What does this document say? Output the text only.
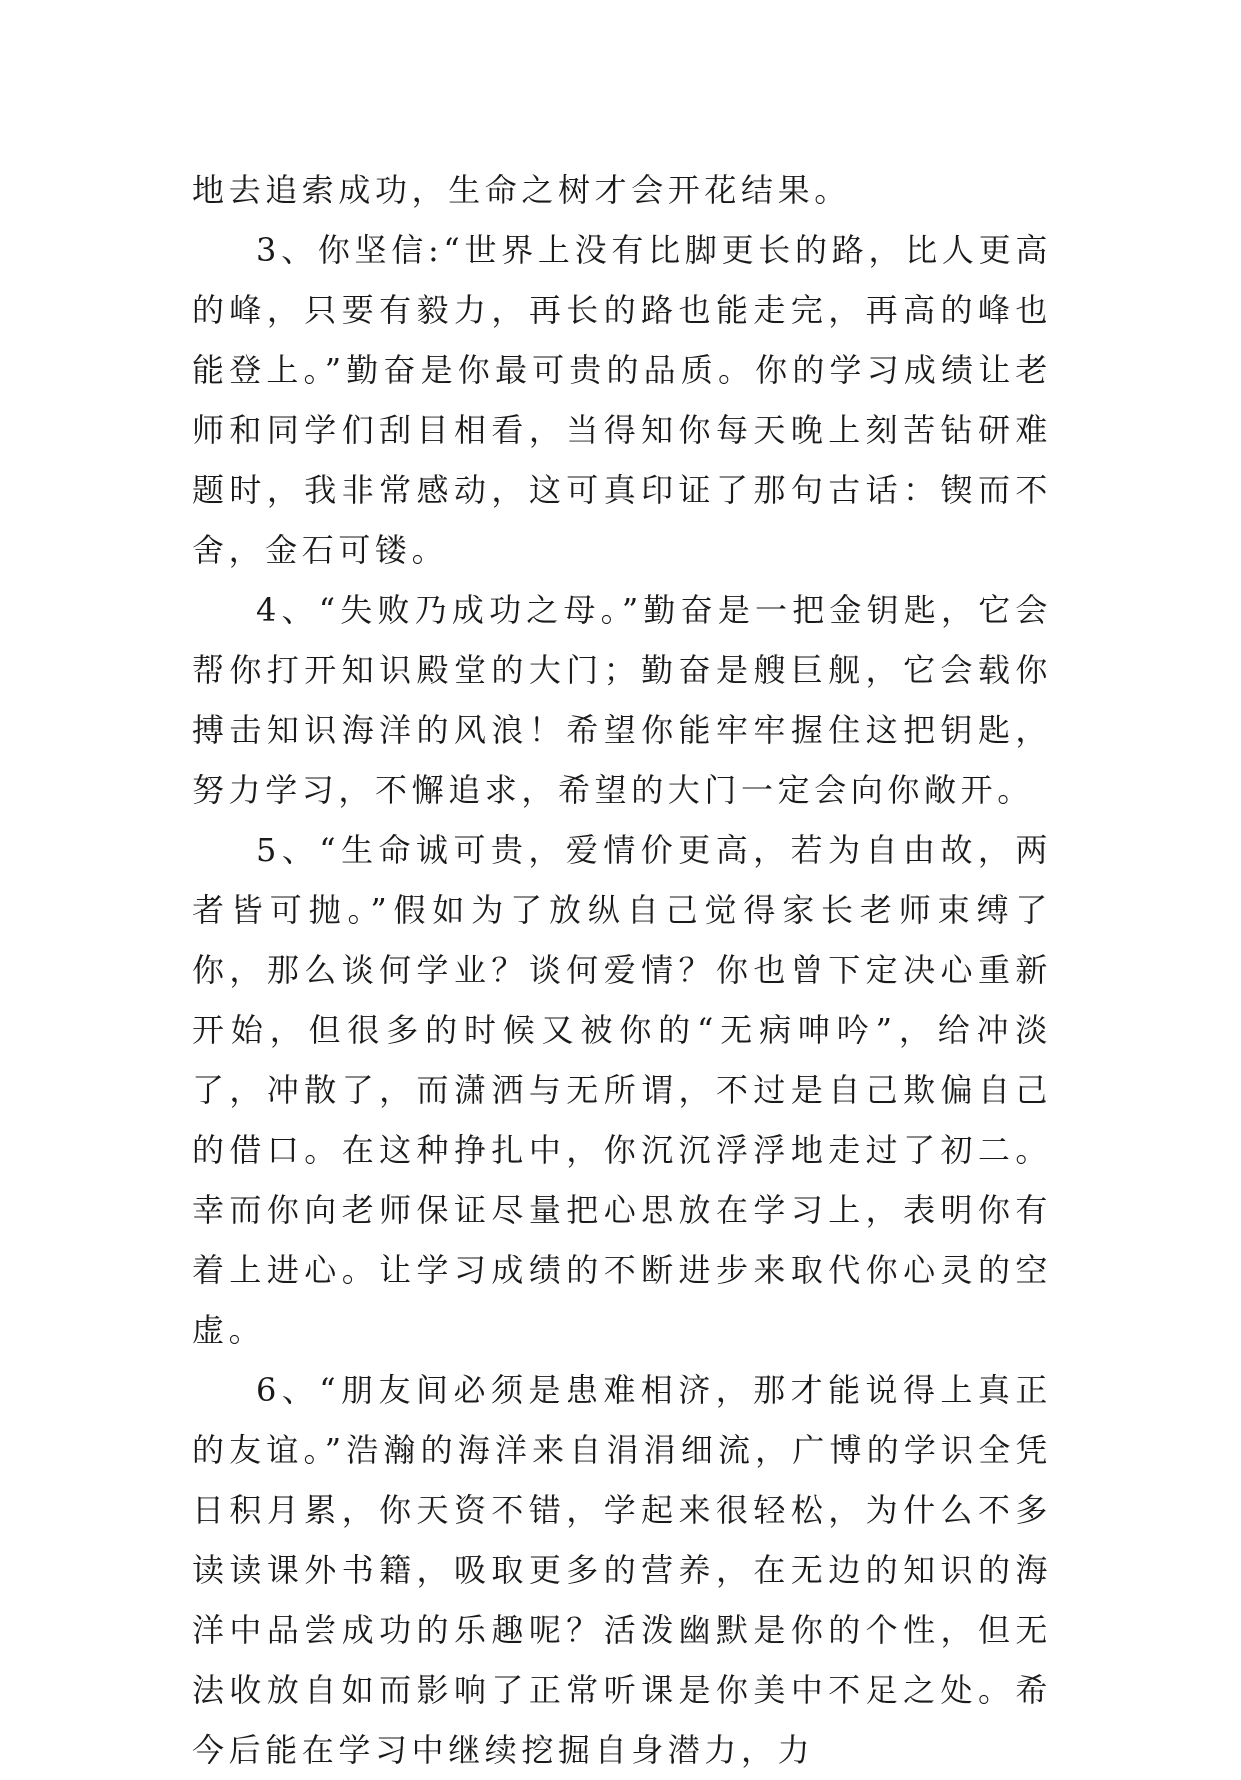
地去追索成功，生命之树才会开花结果。

3、你坚信:“世界上没有比脚更长的路，比人更高的峰，只要有毅力，再长的路也能走完，再高的峰也能登上。”勤奋是你最可贵的品质。你的学习成绩让老师和同学们刮目相看，当得知你每天晚上刻苦钻研难题时，我非常感动，这可真印证了那句古话：锲而不舍，金石可镂。

4、“失败乃成功之母。”勤奋是一把金钥匙，它会帮你打开知识殿堂的大门；勤奋是艘巨舰，它会载你搏击知识海洋的风浪！希望你能牢牢握住这把钥匙，努力学习，不懈追求，希望的大门一定会向你敞开。

5、“生命诚可贵，爱情价更高，若为自由故，两者皆可抛。”假如为了放纵自己觉得家长老师束缚了你，那么谈何学业？谈何爱情？你也曾下定决心重新开始，但很多的时候又被你的“无病呻吟”，给冲淡了，冲散了，而潇洒与无所谓，不过是自己欺偏自己的借口。在这种挣扎中，你沉沉浮浮地走过了初二。幸而你向老师保证尽量把心思放在学习上，表明你有着上进心。让学习成绩的不断进步来取代你心灵的空虚。

6、“朋友间必须是患难相济，那才能说得上真正的友谊。”浩瀚的海洋来自涓涓细流，广博的学识全凭日积月累，你天资不错，学起来很轻松，为什么不多读读课外书籍，吸取更多的营养，在无边的知识的海洋中品尝成功的乐趣呢？活泼幽默是你的个性，但无法收放自如而影响了正常听课是你美中不足之处。希今后能在学习中继续挖掘自身潜力，力
